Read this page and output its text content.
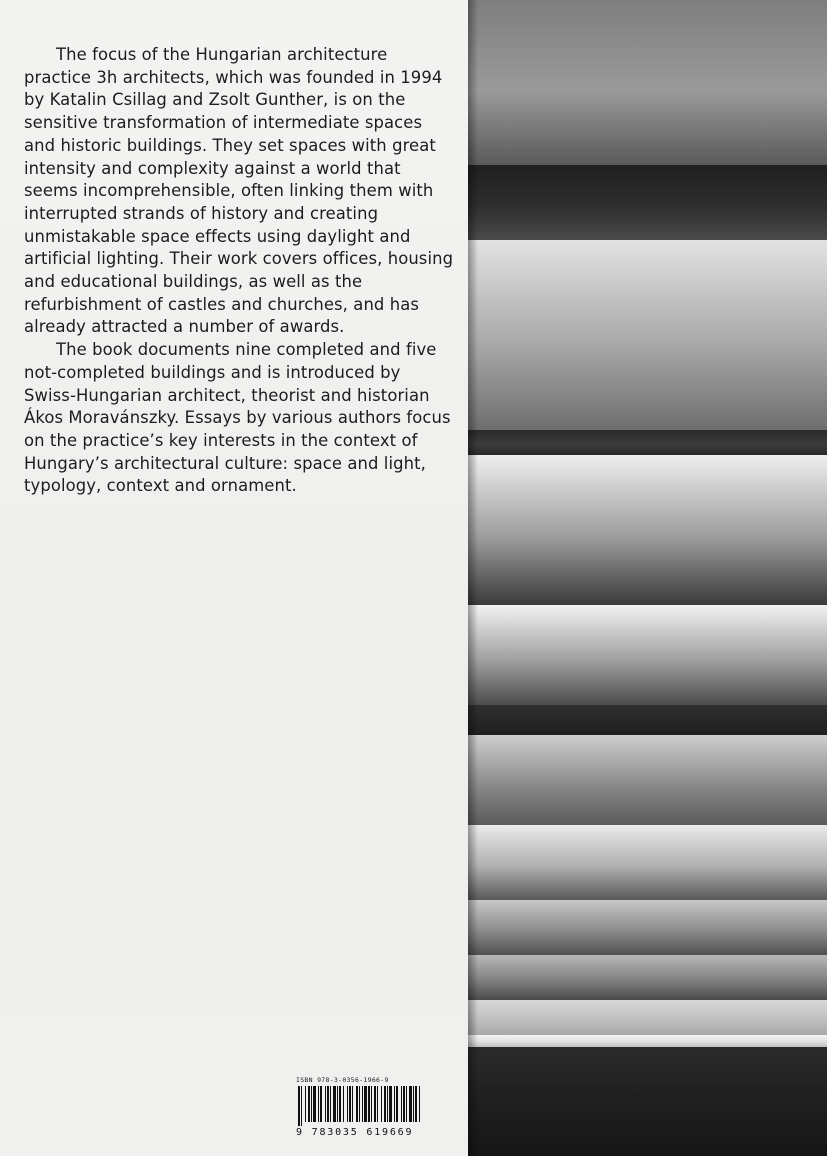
The focus of the Hungarian architecture practice 3h architects, which was founded in 1994 by Katalin Csillag and Zsolt Gunther, is on the sensitive transformation of intermediate spaces and historic buildings. They set spaces with great intensity and complexity against a world that seems incomprehensible, often linking them with interrupted strands of history and creating unmistakable space effects using daylight and artificial lighting. Their work covers offices, housing and educational buildings, as well as the refurbishment of castles and churches, and has already attracted a number of awards.

The book documents nine completed and five not-completed buildings and is introduced by Swiss-Hungarian architect, theorist and historian Ákos Moravánszky. Essays by various authors focus on the practice’s key interests in the context of Hungary’s architectural culture: space and light, typology, context and ornament.

ISBN 978-3-0356-1966-9
9 783035 619669
